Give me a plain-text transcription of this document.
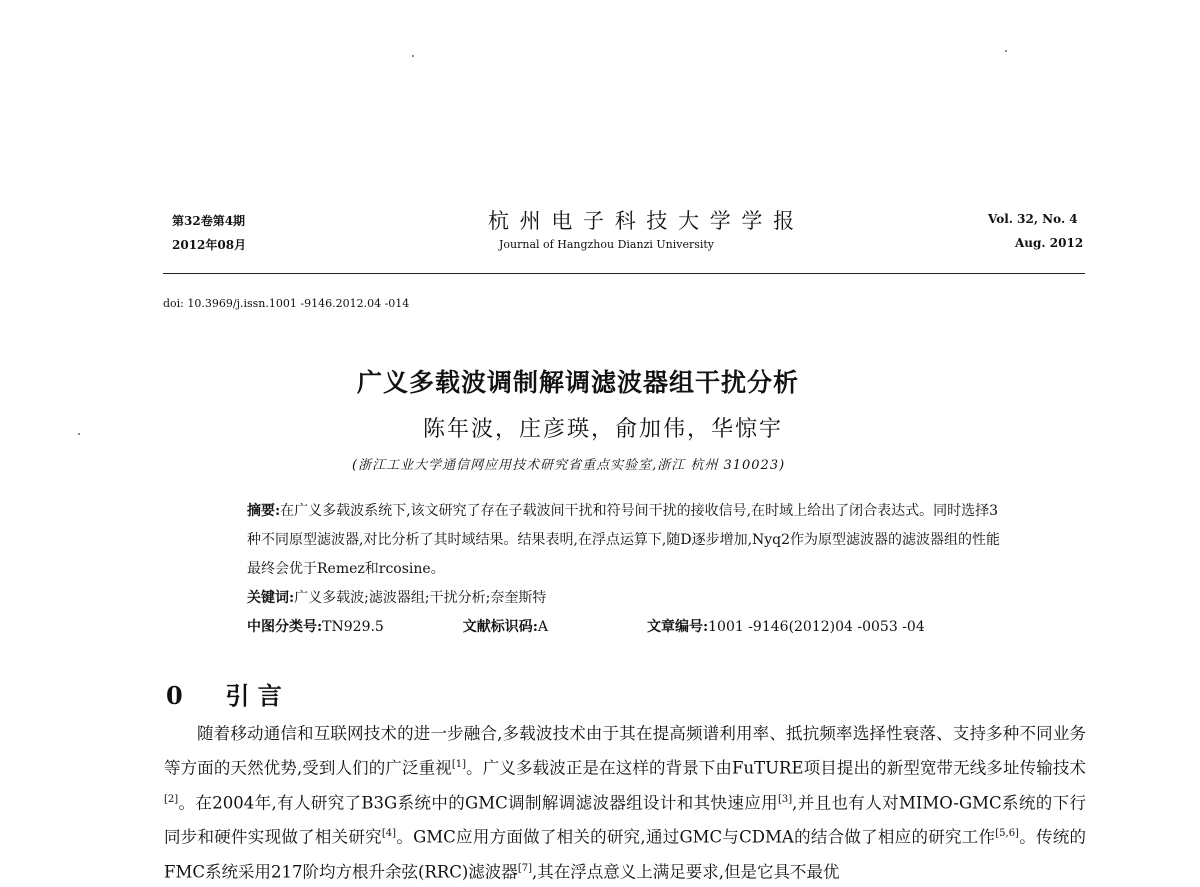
第32卷第4期
2012年08月
杭 州 电 子 科 技 大 学 学 报
Journal of Hangzhou Dianzi University
Vol. 32, No. 4
Aug. 2012
doi: 10.3969/j.issn.1001 -9146.2012.04 -014
广义多载波调制解调滤波器组干扰分析
陈年波，庄彦瑛，俞加伟，华惊宇
(浙江工业大学通信网应用技术研究省重点实验室,浙江 杭州 310023)

摘要:在广义多载波系统下,该文研究了存在子载波间干扰和符号间干扰的接收信号,在时域上给出了闭合表达式。同时选择3种不同原型滤波器,对比分析了其时域结果。结果表明,在浮点运算下,随D逐步增加,Nyq2作为原型滤波器的滤波器组的性能最终会优于Remez和rcosine。

关键词:广义多载波;滤波器组;干扰分析;奈奎斯特

中图分类号:TN929.5	文献标识码:A	文章编号:1001 -9146(2012)04 -0053 -04

0 引 言

随着移动通信和互联网技术的进一步融合,多载波技术由于其在提高频谱利用率、抵抗频率选择性衰落、支持多种不同业务等方面的天然优势,受到人们的广泛重视[1]。广义多载波正是在这样的背景下由FuTURE项目提出的新型宽带无线多址传输技术[2]。在2004年,有人研究了B3G系统中的GMC调制解调滤波器组设计和其快速应用[3],并且也有人对MIMO-GMC系统的下行同步和硬件实现做了相关研究[4]。GMC应用方面做了相关的研究,通过GMC与CDMA的结合做了相应的研究工作[5,6]。传统的FMC系统采用217阶均方根升余弦(RRC)滤波器[7],其在浮点意义上满足要求,但是它具不最优
